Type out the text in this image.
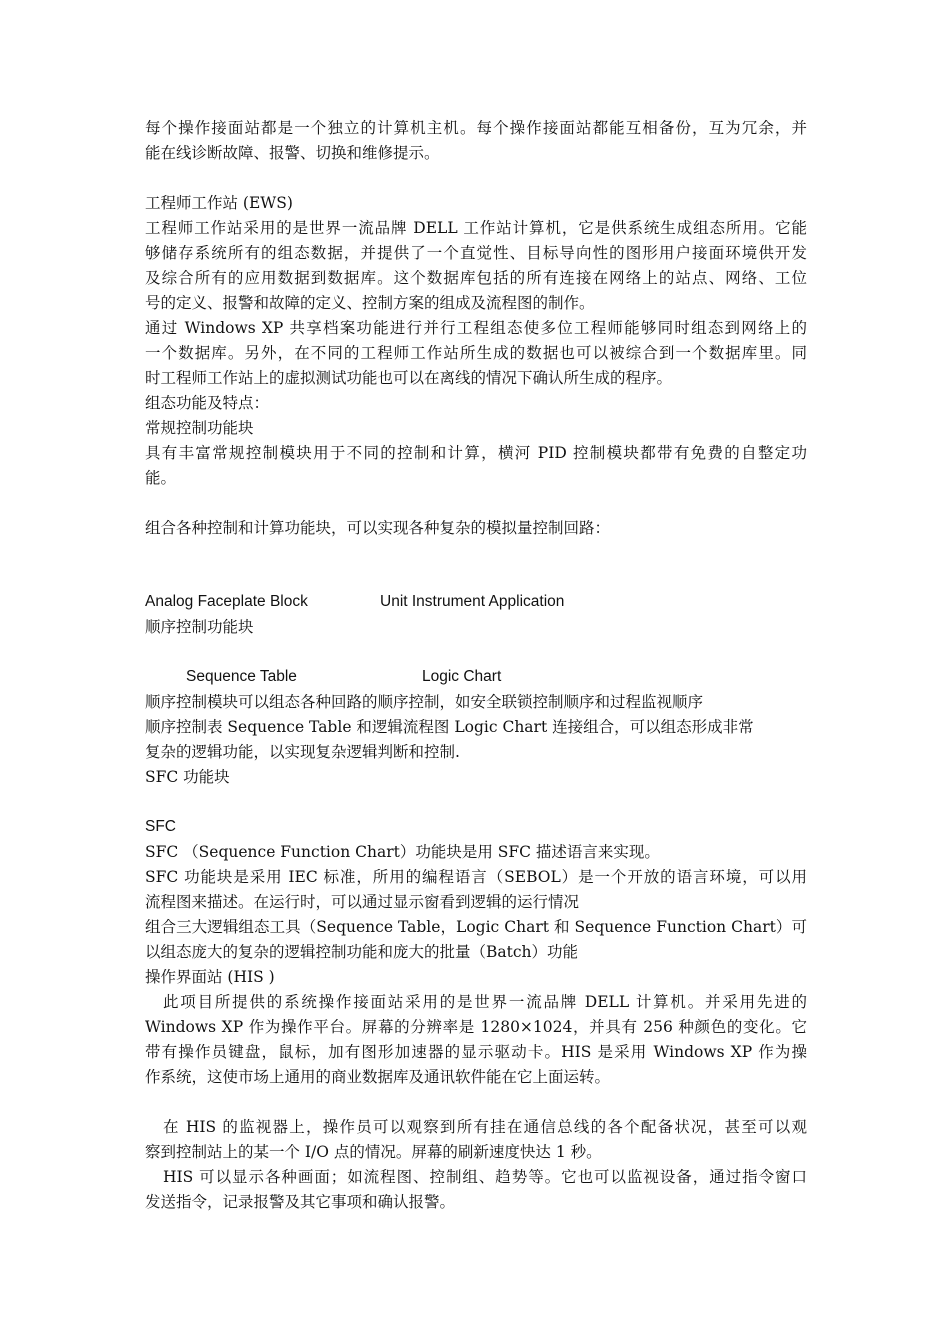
每个操作接面站都是一个独立的计算机主机。每个操作接面站都能互相备份，互为冗余，并
能在线诊断故障、报警、切换和维修提示。
工程师工作站 (EWS)
工程师工作站采用的是世界一流品牌 DELL 工作站计算机，它是供系统生成组态所用。它能
够储存系统所有的组态数据，并提供了一个直觉性、目标导向性的图形用户接面环境供开发
及综合所有的应用数据到数据库。这个数据库包括的所有连接在网络上的站点、网络、工位
号的定义、报警和故障的定义、控制方案的组成及流程图的制作。
通过 Windows XP 共享档案功能进行并行工程组态使多位工程师能够同时组态到网络上的
一个数据库。另外，在不同的工程师工作站所生成的数据也可以被综合到一个数据库里。同
时工程师工作站上的虚拟测试功能也可以在离线的情况下确认所生成的程序。
组态功能及特点：
常规控制功能块
具有丰富常规控制模块用于不同的控制和计算，横河 PID 控制模块都带有免费的自整定功
能。
组合各种控制和计算功能块，可以实现各种复杂的模拟量控制回路：
Analog Faceplate Block	Unit Instrument Application
顺序控制功能块
Sequence Table	Logic Chart
顺序控制模块可以组态各种回路的顺序控制，如安全联锁控制顺序和过程监视顺序
顺序控制表 Sequence Table 和逻辑流程图 Logic Chart 连接组合，可以组态形成非常
复杂的逻辑功能，以实现复杂逻辑判断和控制.
SFC 功能块
SFC
SFC （Sequence Function Chart）功能块是用 SFC 描述语言来实现。
SFC 功能块是采用 IEC 标准，所用的编程语言（SEBOL）是一个开放的语言环境，可以用
流程图来描述。在运行时，可以通过显示窗看到逻辑的运行情况
组合三大逻辑组态工具（Sequence Table，Logic Chart 和 Sequence Function Chart）可
以组态庞大的复杂的逻辑控制功能和庞大的批量（Batch）功能
操作界面站 (HIS )
此项目所提供的系统操作接面站采用的是世界一流品牌 DELL 计算机。并采用先进的
Windows XP 作为操作平台。屏幕的分辨率是 1280×1024，并具有 256 种颜色的变化。它
带有操作员键盘，鼠标，加有图形加速器的显示驱动卡。HIS 是采用 Windows XP 作为操
作系统，这使市场上通用的商业数据库及通讯软件能在它上面运转。
在 HIS 的监视器上，操作员可以观察到所有挂在通信总线的各个配备状况，甚至可以观
察到控制站上的某一个 I/O 点的情况。屏幕的刷新速度快达 1 秒。
HIS 可以显示各种画面；如流程图、控制组、趋势等。它也可以监视设备，通过指令窗口
发送指令，记录报警及其它事项和确认报警。
